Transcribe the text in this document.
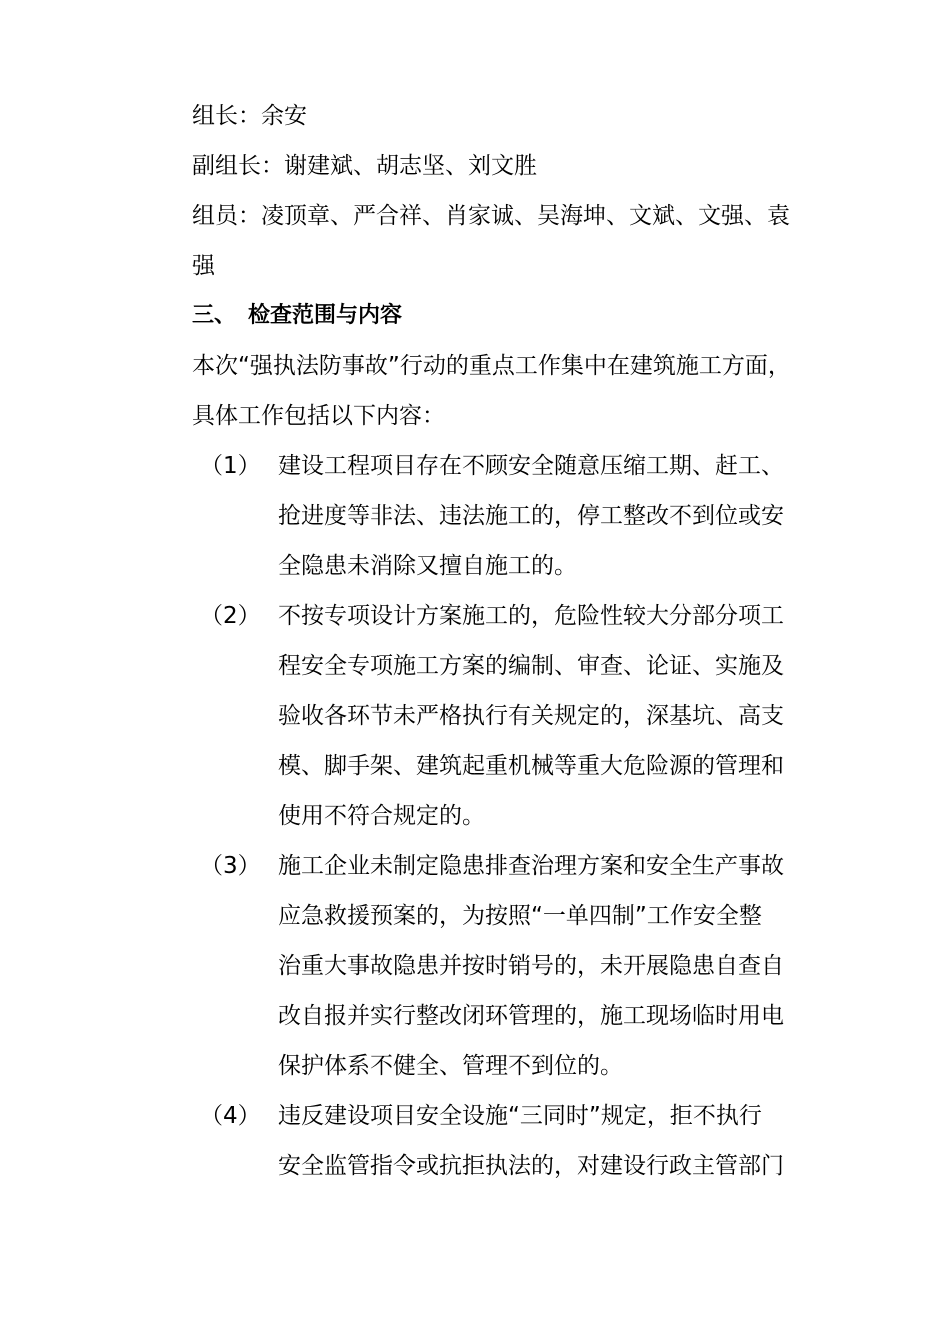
组长：余安

副组长：谢建斌、胡志坚、刘文胜

组员：凌顶章、严合祥、肖家诚、吴海坤、文斌、文强、袁

强

三、 检查范围与内容

本次“强执法防事故”行动的重点工作集中在建筑施工方面，

具体工作包括以下内容：

（1） 建设工程项目存在不顾安全随意压缩工期、赶工、

抢进度等非法、违法施工的，停工整改不到位或安

全隐患未消除又擅自施工的。

（2） 不按专项设计方案施工的，危险性较大分部分项工

程安全专项施工方案的编制、审查、论证、实施及

验收各环节未严格执行有关规定的，深基坑、高支

模、脚手架、建筑起重机械等重大危险源的管理和

使用不符合规定的。

（3） 施工企业未制定隐患排查治理方案和安全生产事故

应急救援预案的，为按照“一单四制”工作安全整

治重大事故隐患并按时销号的，未开展隐患自查自

改自报并实行整改闭环管理的，施工现场临时用电

保护体系不健全、管理不到位的。

（4） 违反建设项目安全设施“三同时”规定，拒不执行

安全监管指令或抗拒执法的，对建设行政主管部门
